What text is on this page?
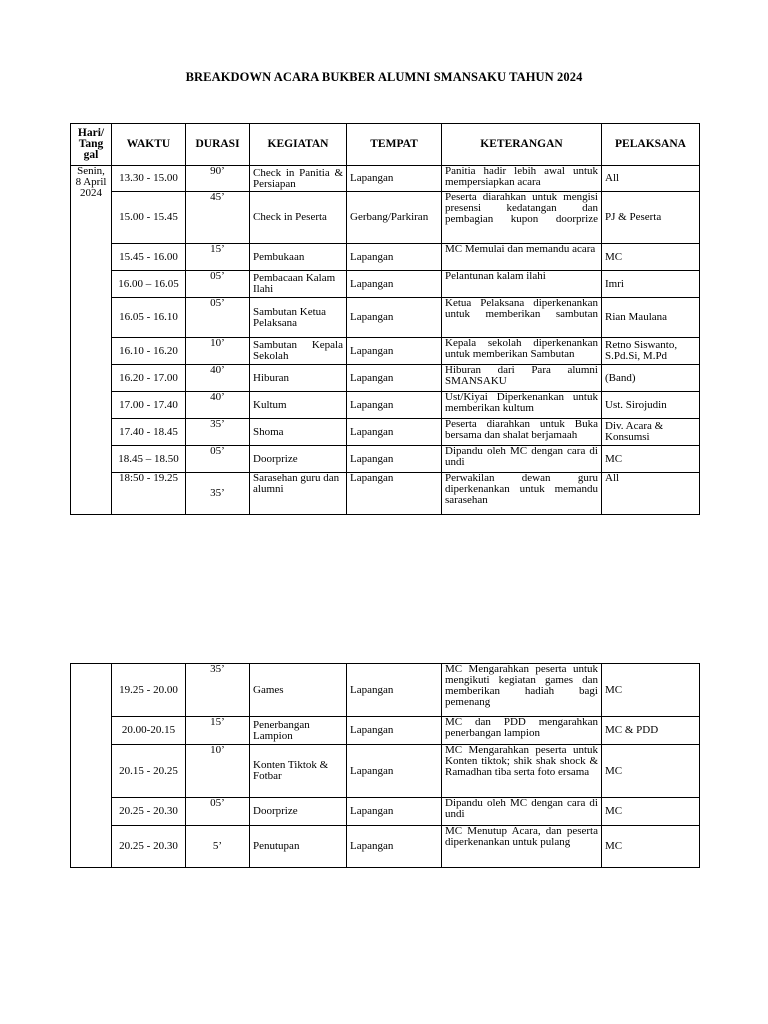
BREAKDOWN ACARA BUKBER ALUMNI SMANSAKU TAHUN 2024
Hari/ Tang gal	WAKTU	DURASI	KEGIATAN	TEMPAT	KETERANGAN	PELAKSANA
Senin, 8 April 2024	13.30 - 15.00	90’	Check in Panitia & Persiapan	Lapangan	Panitia hadir lebih awal untuk mempersiapkan acara	All
	15.00 - 15.45	45’	Check in Peserta	Gerbang/Parkiran	Peserta diarahkan untuk mengisi presensi kedatangan dan pembagian kupon doorprize	PJ & Peserta
	15.45 - 16.00	15’	Pembukaan	Lapangan	MC Memulai dan memandu acara	MC
	16.00 – 16.05	05’	Pembacaan Kalam Ilahi	Lapangan	Pelantunan kalam ilahi	Imri
	16.05 - 16.10	05’	Sambutan Ketua Pelaksana	Lapangan	Ketua Pelaksana diperkenankan untuk memberikan sambutan	Rian Maulana
	16.10 - 16.20	10’	Sambutan Kepala Sekolah	Lapangan	Kepala sekolah diperkenankan untuk memberikan Sambutan	Retno Siswanto, S.Pd.Si, M.Pd
	16.20 - 17.00	40’	Hiburan	Lapangan	Hiburan dari Para alumni SMANSAKU	(Band)
	17.00 - 17.40	40’	Kultum	Lapangan	Ust/Kiyai Diperkenankan untuk memberikan kultum	Ust. Sirojudin
	17.40 - 18.45	35’	Shoma	Lapangan	Peserta diarahkan untuk Buka bersama dan shalat berjamaah	Div. Acara & Konsumsi
	18.45 – 18.50	05’	Doorprize	Lapangan	Dipandu oleh MC dengan cara di undi	MC
	18:50 - 19.25	35’	Sarasehan guru dan alumni	Lapangan	Perwakilan dewan guru diperkenankan untuk memandu sarasehan	All
	19.25 - 20.00	35’	Games	Lapangan	MC Mengarahkan peserta untuk mengikuti kegiatan games dan memberikan hadiah bagi pemenang	MC
	20.00-20.15	15’	Penerbangan Lampion	Lapangan	MC dan PDD mengarahkan penerbangan lampion	MC & PDD
	20.15 - 20.25	10’	Konten Tiktok & Fotbar	Lapangan	MC Mengarahkan peserta untuk Konten tiktok; shik shak shock & Ramadhan tiba serta foto ersama	MC
	20.25 - 20.30	05’	Doorprize	Lapangan	Dipandu oleh MC dengan cara di undi	MC
	20.25 - 20.30	5’	Penutupan	Lapangan	MC Menutup Acara, dan peserta diperkenankan untuk pulang	MC
